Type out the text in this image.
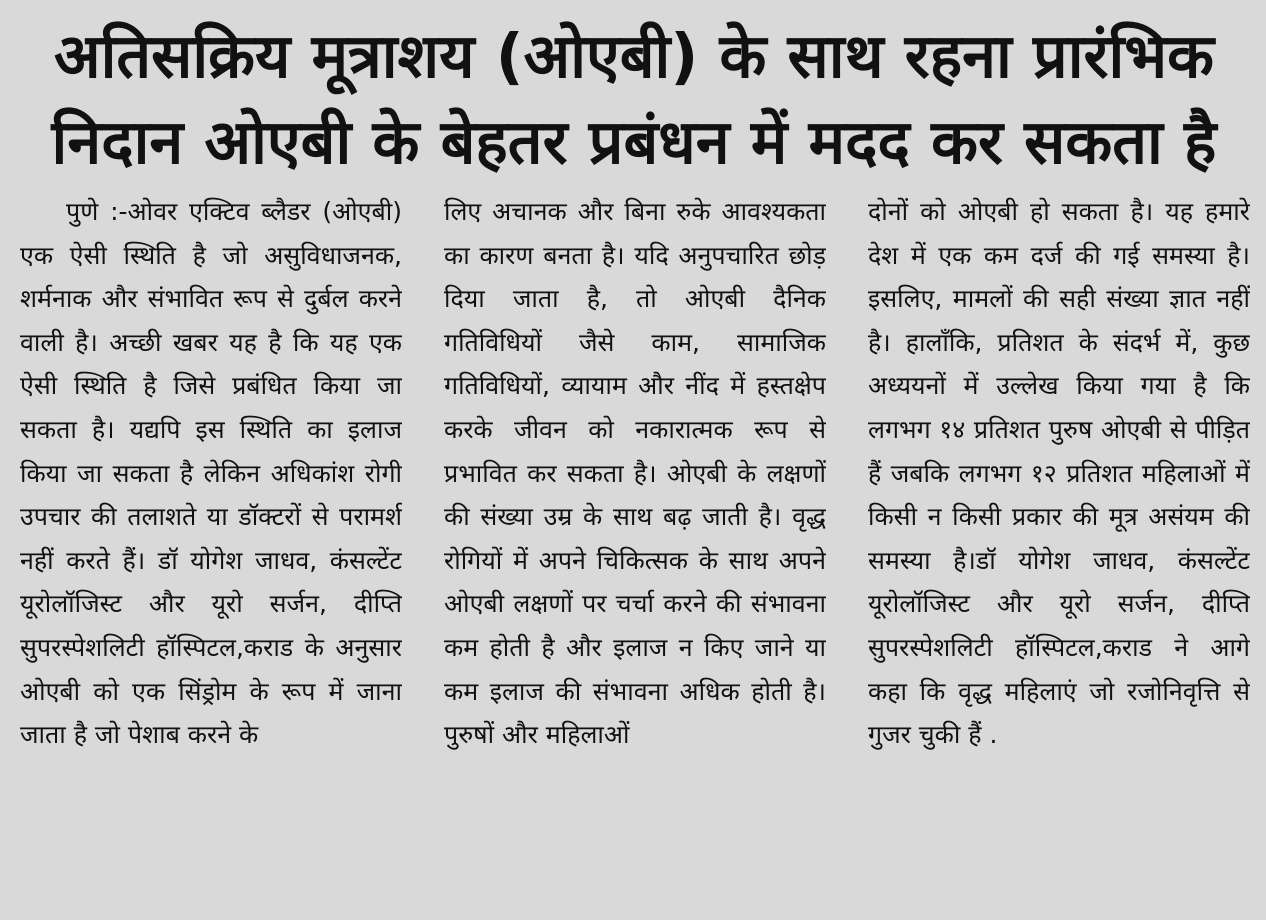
अतिसक्रिय मूत्राशय (ओएबी) के साथ रहना प्रारंभिक
निदान ओएबी के बेहतर प्रबंधन में मदद कर सकता है

पुणे :-ओवर एक्टिव ब्लैडर (ओएबी) एक ऐसी स्थिति है जो असुविधाजनक, शर्मनाक और संभावित रूप से दुर्बल करने वाली है। अच्छी खबर यह है कि यह एक ऐसी स्थिति है जिसे प्रबंधित किया जा सकता है। यद्यपि इस स्थिति का इलाज किया जा सकता है लेकिन अधिकांश रोगी उपचार की तलाशते या डॉक्टरों से परामर्श नहीं करते हैं। डॉ योगेश जाधव, कंसल्टेंट यूरोलॉजिस्ट और यूरो सर्जन, दीप्ति सुपरस्पेशलिटी हॉस्पिटल,कराड के अनुसार ओएबी को एक सिंड्रोम के रूप में जाना जाता है जो पेशाब करने के

लिए अचानक और बिना रुके आवश्यकता का कारण बनता है। यदि अनुपचारित छोड़ दिया जाता है, तो ओएबी दैनिक गतिविधियों जैसे काम, सामाजिक गतिविधियों, व्यायाम और नींद में हस्तक्षेप करके जीवन को नकारात्मक रूप से प्रभावित कर सकता है। ओएबी के लक्षणों की संख्या उम्र के साथ बढ़ जाती है। वृद्ध रोगियों में अपने चिकित्सक के साथ अपने ओएबी लक्षणों पर चर्चा करने की संभावना कम होती है और इलाज न किए जाने या कम इलाज की संभावना अधिक होती है। पुरुषों और महिलाओं

दोनों को ओएबी हो सकता है। यह हमारे देश में एक कम दर्ज की गई समस्या है। इसलिए, मामलों की सही संख्या ज्ञात नहीं है। हालाँकि, प्रतिशत के संदर्भ में, कुछ अध्ययनों में उल्लेख किया गया है कि लगभग १४ प्रतिशत पुरुष ओएबी से पीड़ित हैं जबकि लगभग १२ प्रतिशत महिलाओं में किसी न किसी प्रकार की मूत्र असंयम की समस्या है।डॉ योगेश जाधव, कंसल्टेंट यूरोलॉजिस्ट और यूरो सर्जन, दीप्ति सुपरस्पेशलिटी हॉस्पिटल,कराड ने आगे कहा कि वृद्ध महिलाएं जो रजोनिवृत्ति से गुजर चुकी हैं .
